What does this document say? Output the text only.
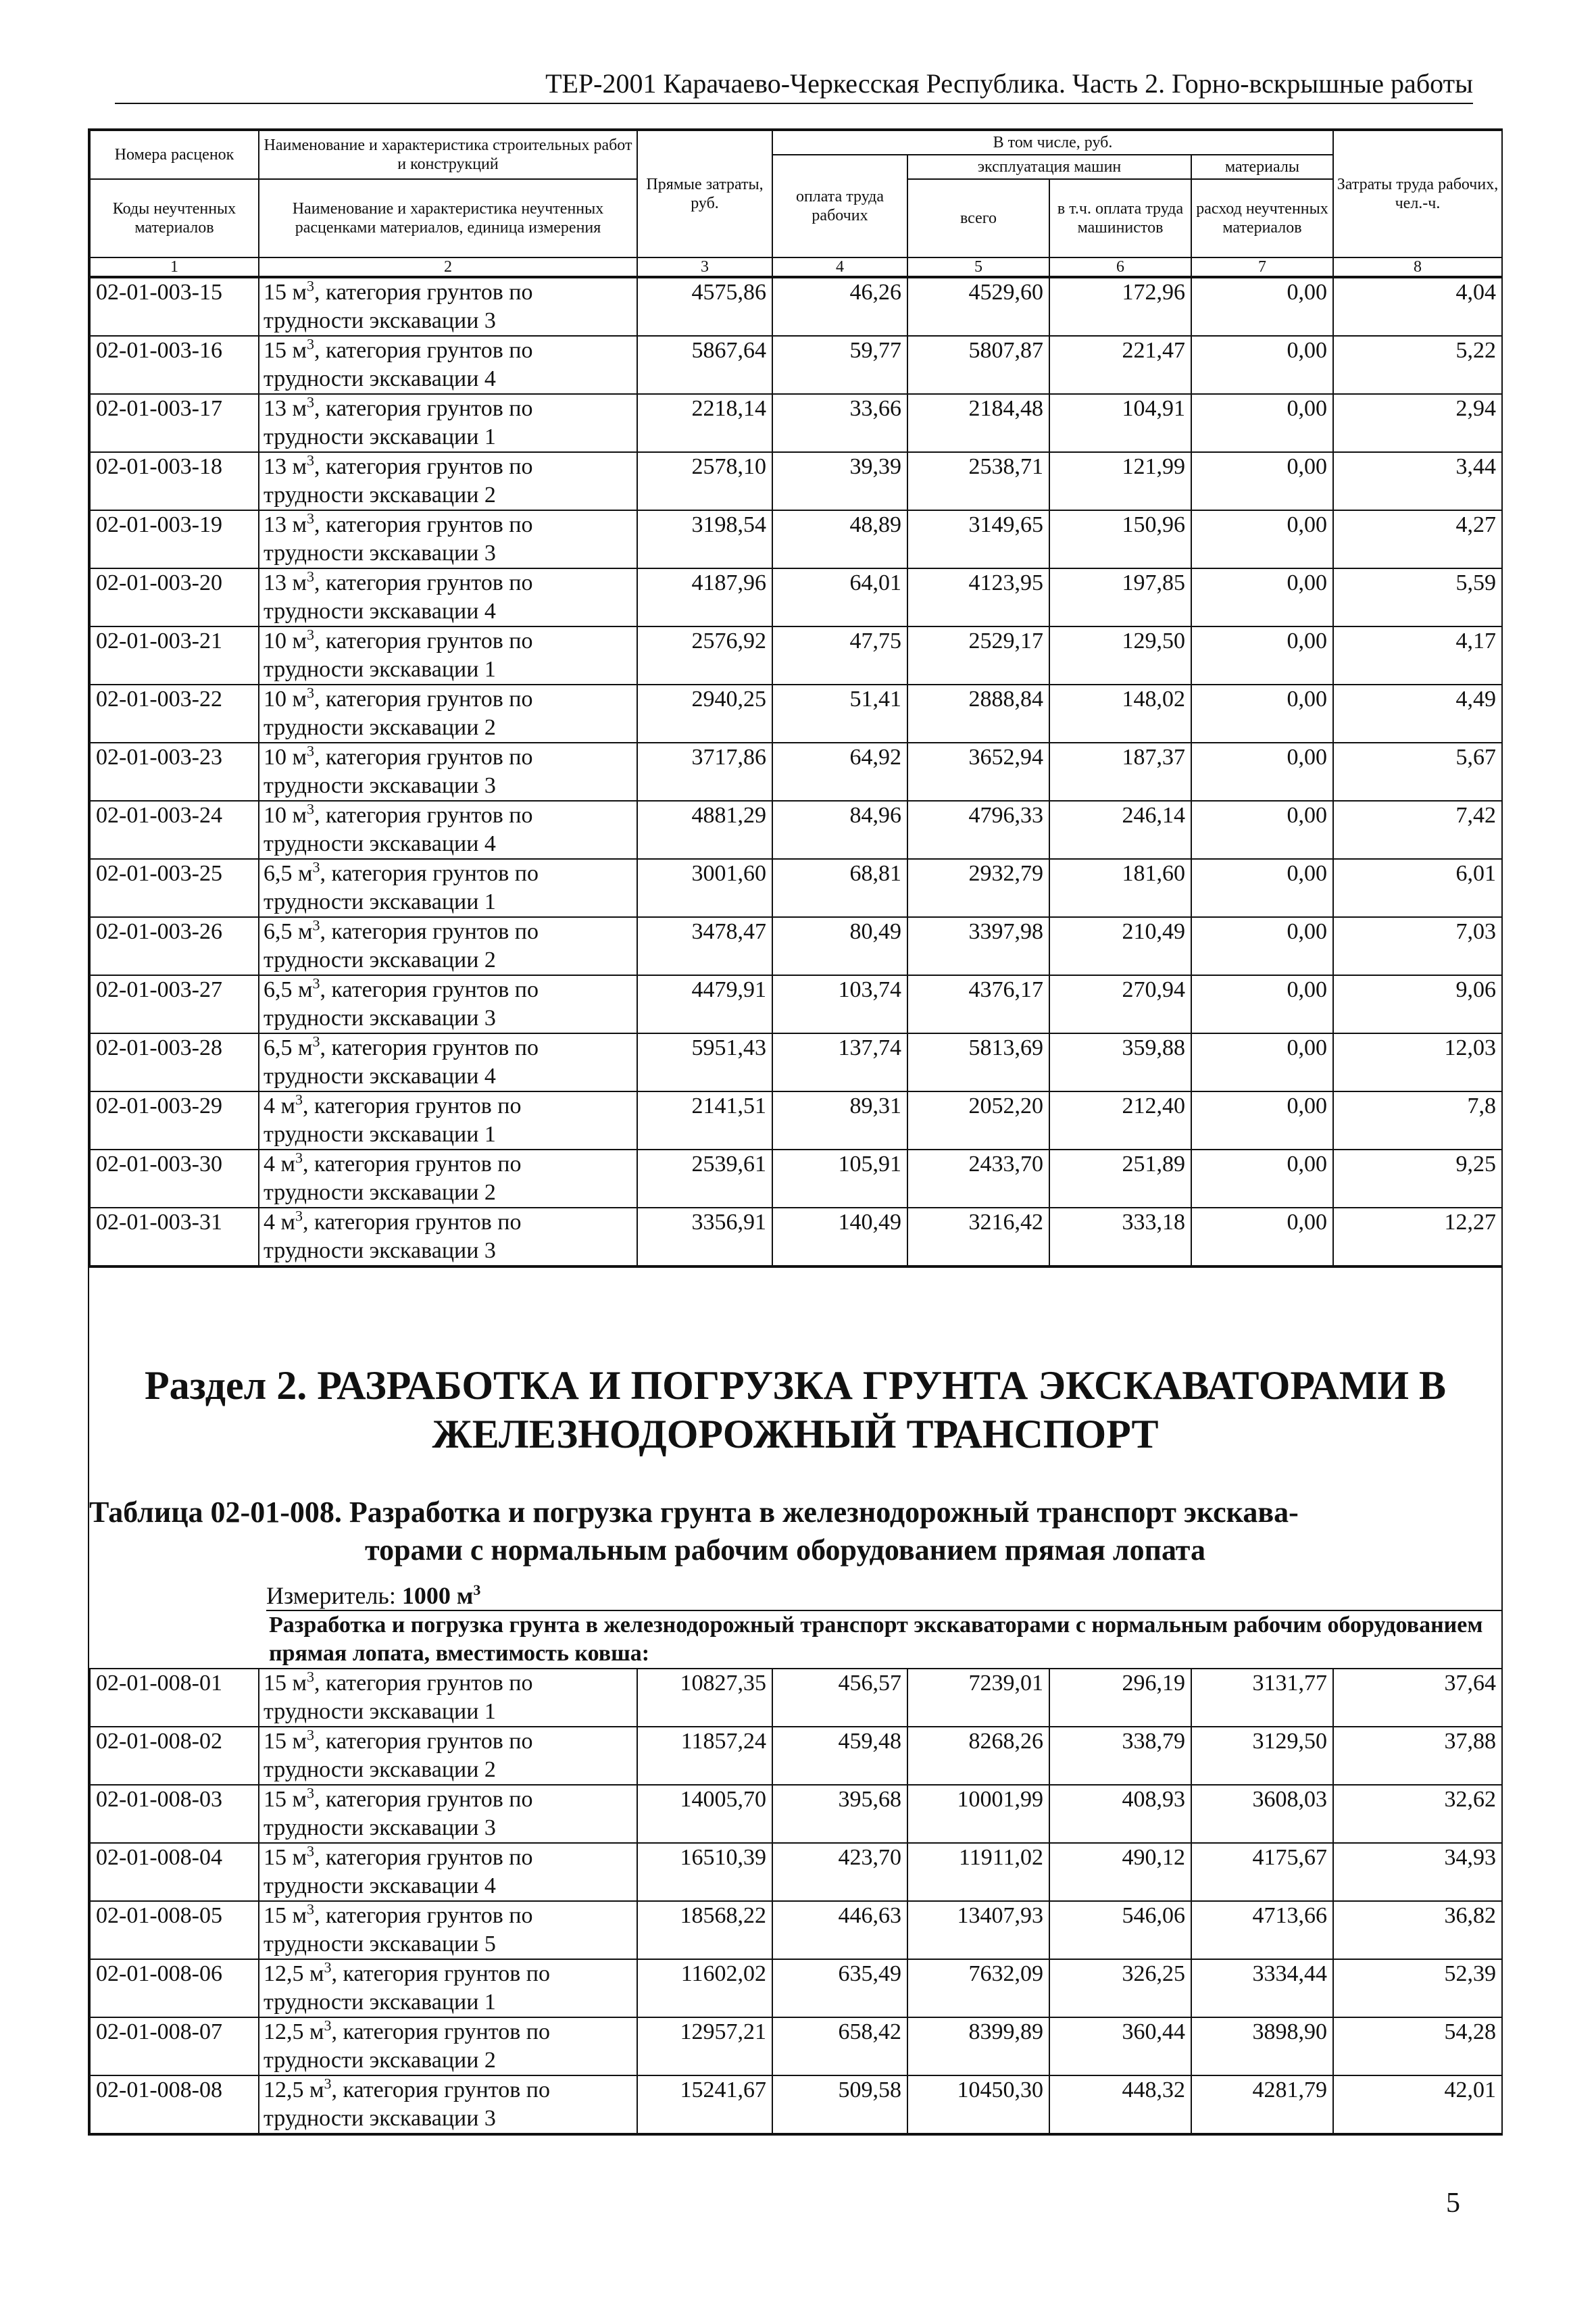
ТЕР-2001 Карачаево-Черкесская Республика. Часть 2. Горно-вскрышные работы
Номера расценок	Наименование и характеристика строительных работ и конструкций	Прямые затраты, руб.	В том числе, руб.				Затраты труда рабочих, чел.-ч.
			оплата труда рабочих	эксплуатация машин		материалы	
Коды неучтенных материалов	Наименование и характеристика неучтенных расценками материалов, единица измерения			всего	в т.ч. оплата труда машинистов	расход неучтенных материалов	

1	2	3	4	5	6	7	8
02-01-003-15	15 $м^3$, категория грунтов по
трудности экскавации 3	4575,86	46,26	4529,60	172,96	0,00	4,04
02-01-003-16	15 $м^3$, категория грунтов по
трудности экскавации 4	5867,64	59,77	5807,87	221,47	0,00	5,22
02-01-003-17	13 $м^3$, категория грунтов по
трудности экскавации 1	2218,14	33,66	2184,48	104,91	0,00	2,94
02-01-003-18	13 $м^3$, категория грунтов по
трудности экскавации 2	2578,10	39,39	2538,71	121,99	0,00	3,44
02-01-003-19	13 $м^3$, категория грунтов по
трудности экскавации 3	3198,54	48,89	3149,65	150,96	0,00	4,27
02-01-003-20	13 $м^3$, категория грунтов по
трудности экскавации 4	4187,96	64,01	4123,95	197,85	0,00	5,59
02-01-003-21	10 $м^3$, категория грунтов по
трудности экскавации 1	2576,92	47,75	2529,17	129,50	0,00	4,17
02-01-003-22	10 $м^3$, категория грунтов по
трудности экскавации 2	2940,25	51,41	2888,84	148,02	0,00	4,49
02-01-003-23	10 $м^3$, категория грунтов по
трудности экскавации 3	3717,86	64,92	3652,94	187,37	0,00	5,67
02-01-003-24	10 $м^3$, категория грунтов по
трудности экскавации 4	4881,29	84,96	4796,33	246,14	0,00	7,42
02-01-003-25	6,5 $м^3$, категория грунтов по
трудности экскавации 1	3001,60	68,81	2932,79	181,60	0,00	6,01
02-01-003-26	6,5 $м^3$, категория грунтов по
трудности экскавации 2	3478,47	80,49	3397,98	210,49	0,00	7,03
02-01-003-27	6,5 $м^3$, категория грунтов по
трудности экскавации 3	4479,91	103,74	4376,17	270,94	0,00	9,06
02-01-003-28	6,5 $м^3$, категория грунтов по
трудности экскавации 4	5951,43	137,74	5813,69	359,88	0,00	12,03
02-01-003-29	4 $м^3$, категория грунтов по
трудности экскавации 1	2141,51	89,31	2052,20	212,40	0,00	7,8
02-01-003-30	4 $м^3$, категория грунтов по
трудности экскавации 2	2539,61	105,91	2433,70	251,89	0,00	9,25
02-01-003-31	4 $м^3$, категория грунтов по
трудности экскавации 3	3356,91	140,49	3216,42	333,18	0,00	12,27
Раздел 2. РАЗРАБОТКА И ПОГРУЗКА ГРУНТА ЭКСКАВАТОРАМИ В ЖЕЛЕЗНОДОРОЖНЫЙ ТРАНСПОРТ
Таблица 02-01-008. Разработка и погрузка грунта в железнодорожный транспорт экскава-
торами с нормальным рабочим оборудованием прямая лопата
Измеритель: 1000 $м^3$
Разработка и погрузка грунта в железнодорожный транспорт экскаваторами с нормальным рабочим оборудованием прямая лопата, вместимость ковша:
02-01-008-01	15 $м^3$, категория грунтов по
трудности экскавации 1	10827,35	456,57	7239,01	296,19	3131,77	37,64
02-01-008-02	15 $м^3$, категория грунтов по
трудности экскавации 2	11857,24	459,48	8268,26	338,79	3129,50	37,88
02-01-008-03	15 $м^3$, категория грунтов по
трудности экскавации 3	14005,70	395,68	10001,99	408,93	3608,03	32,62
02-01-008-04	15 $м^3$, категория грунтов по
трудности экскавации 4	16510,39	423,70	11911,02	490,12	4175,67	34,93
02-01-008-05	15 $м^3$, категория грунтов по
трудности экскавации 5	18568,22	446,63	13407,93	546,06	4713,66	36,82
02-01-008-06	12,5 $м^3$, категория грунтов по
трудности экскавации 1	11602,02	635,49	7632,09	326,25	3334,44	52,39
02-01-008-07	12,5 $м^3$, категория грунтов по
трудности экскавации 2	12957,21	658,42	8399,89	360,44	3898,90	54,28
02-01-008-08	12,5 $м^3$, категория грунтов по
трудности экскавации 3	15241,67	509,58	10450,30	448,32	4281,79	42,01
5
